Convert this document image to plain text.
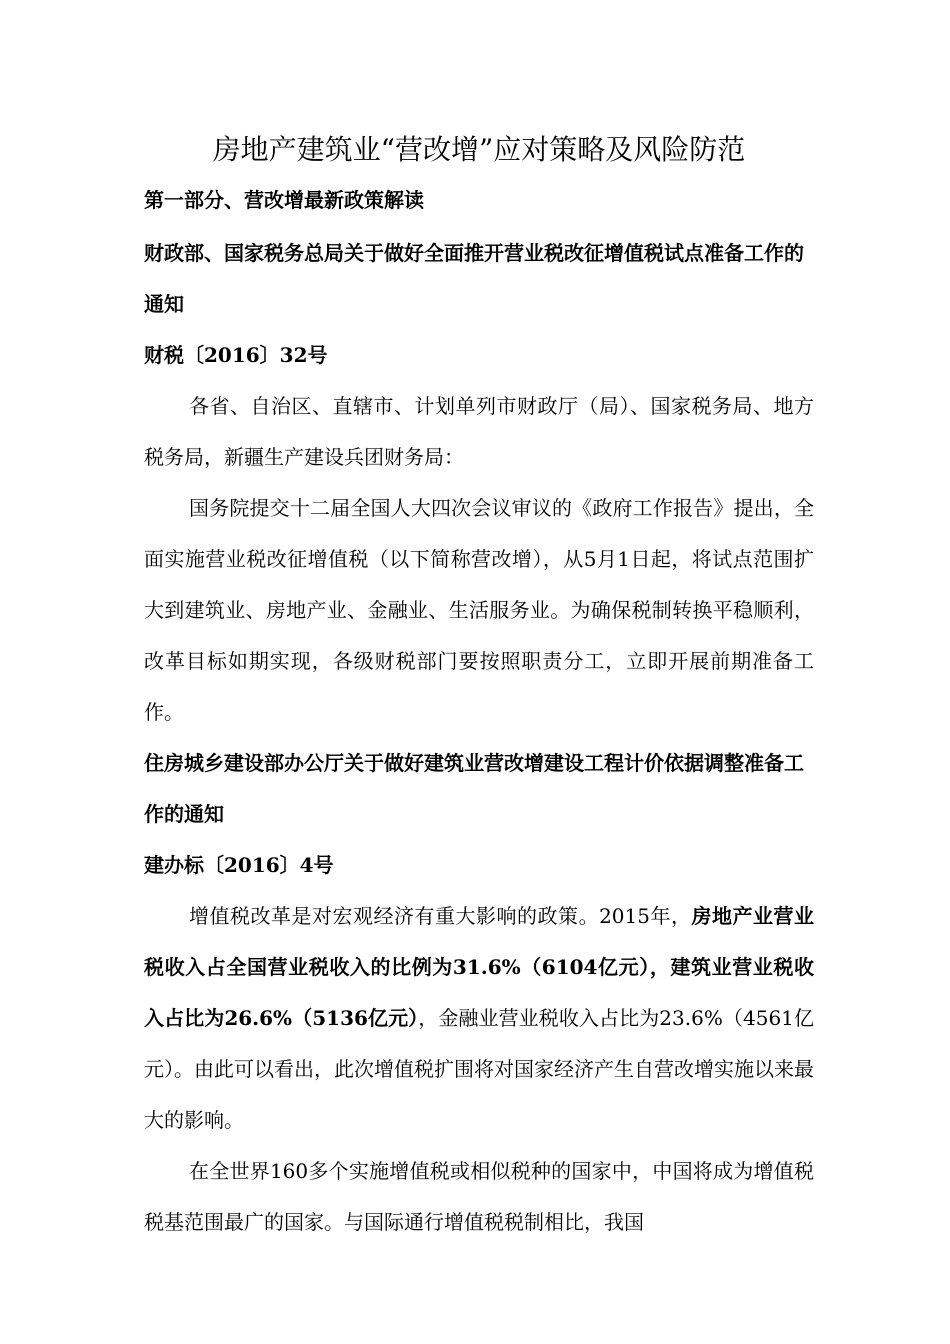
房地产建筑业“营改增”应对策略及风险防范

第一部分、营改增最新政策解读

财政部、国家税务总局关于做好全面推开营业税改征增值税试点准备工作的通知

财税〔2016〕32号

各省、自治区、直辖市、计划单列市财政厅（局）、国家税务局、地方税务局，新疆生产建设兵团财务局：

国务院提交十二届全国人大四次会议审议的《政府工作报告》提出，全面实施营业税改征增值税（以下简称营改增），从5月1日起，将试点范围扩大到建筑业、房地产业、金融业、生活服务业。为确保税制转换平稳顺利，改革目标如期实现，各级财税部门要按照职责分工，立即开展前期准备工作。

住房城乡建设部办公厅关于做好建筑业营改增建设工程计价依据调整准备工作的通知

建办标〔2016〕4号

增值税改革是对宏观经济有重大影响的政策。2015年，房地产业营业税收入占全国营业税收入的比例为31.6%（6104亿元），建筑业营业税收入占比为26.6%（5136亿元），金融业营业税收入占比为23.6%（4561亿元）。由此可以看出，此次增值税扩围将对国家经济产生自营改增实施以来最大的影响。

在全世界160多个实施增值税或相似税种的国家中，中国将成为增值税税基范围最广的国家。与国际通行增值税税制相比，我国
